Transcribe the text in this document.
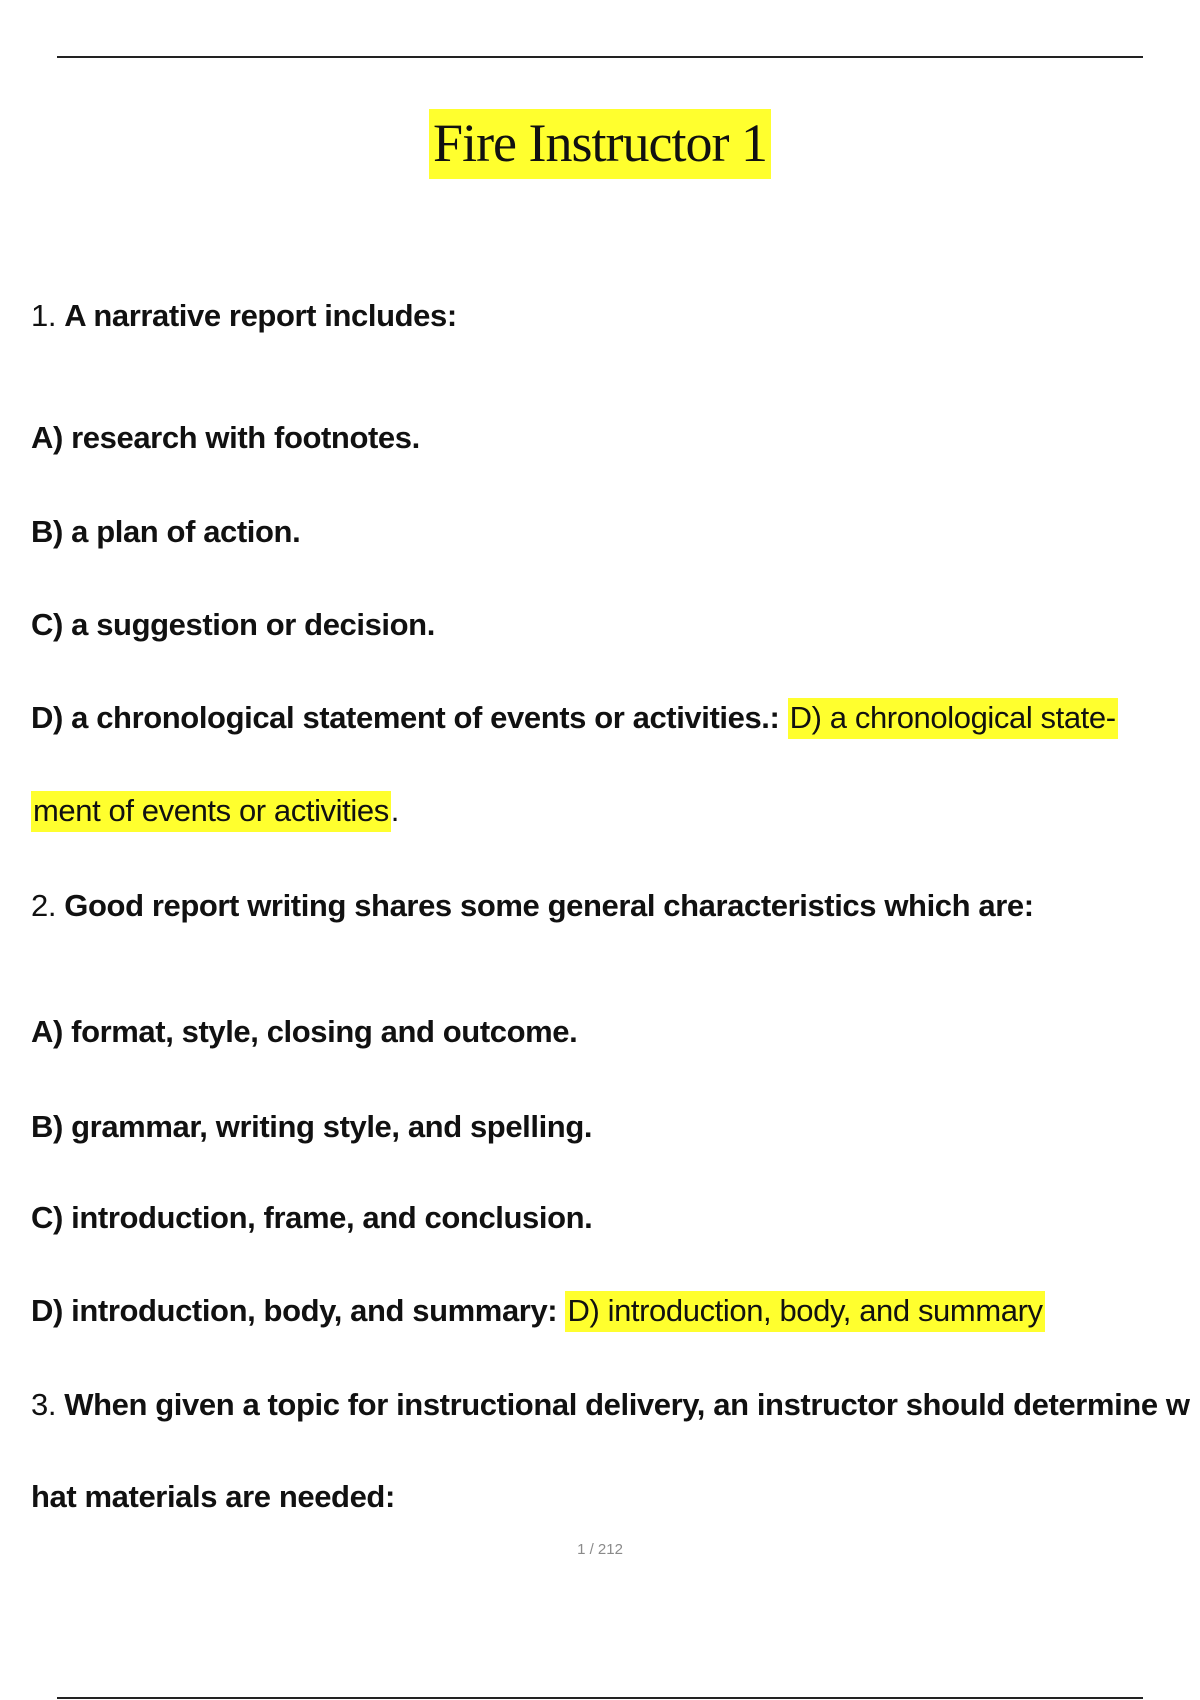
Fire Instructor 1

1. A narrative report includes:

A) research with footnotes.

B) a plan of action.

C) a suggestion or decision.

D) a chronological statement of events or activities.: D) a chronological state-

ment of events or activities.

2. Good report writing shares some general characteristics which are:

A) format, style, closing and outcome.

B) grammar, writing style, and spelling.

C) introduction, frame, and conclusion.

D) introduction, body, and summary: D) introduction, body, and summary

3. When given a topic for instructional delivery, an instructor should determine w

hat materials are needed:

1 / 212
